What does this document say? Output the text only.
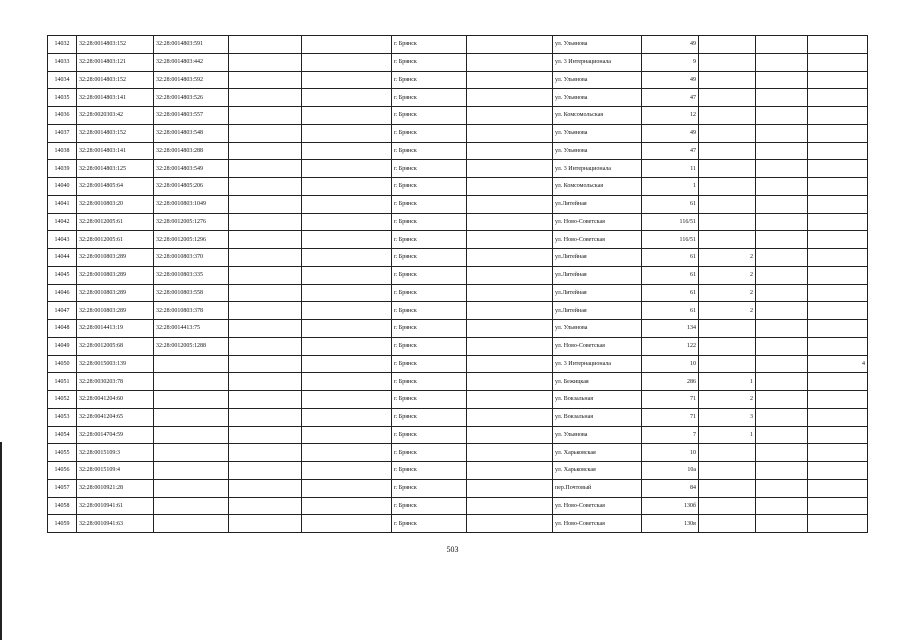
14032	32:28:0014803:152	32:28:0014803:591			г. Брянск		ул. Ульянова	49			
14033	32:28:0014803:121	32:28:0014803:442			г. Брянск		ул. 3 Интернационала	9			
14034	32:28:0014803:152	32:28:0014803:592			г. Брянск		ул. Ульянова	49			
14035	32:28:0014803:141	32:28:0014803:526			г. Брянск		ул. Ульянова	47			
14036	32:28:0020303:42	32:28:0014803:557			г. Брянск		ул. Комсомольская	12			
14037	32:28:0014803:152	32:28:0014803:548			г. Брянск		ул. Ульянова	49			
14038	32:28:0014803:141	32:28:0014803:288			г. Брянск		ул. Ульянова	47			
14039	32:28:0014803:125	32:28:0014803:549			г. Брянск		ул. 3 Интернационала	11			
14040	32:28:0014805:64	32:28:0014805:206			г. Брянск		ул. Комсомольская	1			
14041	32:28:0010803:20	32:28:0010803:1049			г. Брянск		ул.Литейная	61			
14042	32:28:0012005:61	32:28:0012005:1276			г. Брянск		ул. Ново-Советская	116/51			
14043	32:28:0012005:61	32:28:0012005:1296			г. Брянск		ул. Ново-Советская	116/51			
14044	32:28:0010803:289	32:28:0010803:370			г. Брянск		ул.Литейная	61	2		
14045	32:28:0010803:289	32:28:0010803:335			г. Брянск		ул.Литейная	61	2		
14046	32:28:0010803:289	32:28:0010803:558			г. Брянск		ул.Литейная	61	2		
14047	32:28:0010803:289	32:28:0010803:378			г. Брянск		ул.Литейная	61	2		
14048	32:28:0014413:19	32:28:0014413:75			г. Брянск		ул. Ульянова	134			
14049	32:28:0012005:68	32:28:0012005:1288			г. Брянск		ул. Ново-Советская	122			
14050	32:28:0015003:139				г. Брянск		ул. 3 Интернационала	10			4
14051	32:28:0030203:78				г. Брянск		ул. Бежицкая	286	1		
14052	32:28:0041204:60				г. Брянск		ул. Вокзальная	71	2		
14053	32:28:0041204:65				г. Брянск		ул. Вокзальная	71	3		
14054	32:28:0014704:59				г. Брянск		ул. Ульянова	7	1		
14055	32:28:0015109:3				г. Брянск		ул. Харьковская	10			
14056	32:28:0015109:4				г. Брянск		ул. Харьковская	10а			
14057	32:28:0010921:28				г. Брянск		пер.Почтовый	84			
14058	32:28:0010941:61				г. Брянск		ул. Ново-Советская	130б			
14059	32:28:0010941:63				г. Брянск		ул. Ново-Советская	130в			
503
